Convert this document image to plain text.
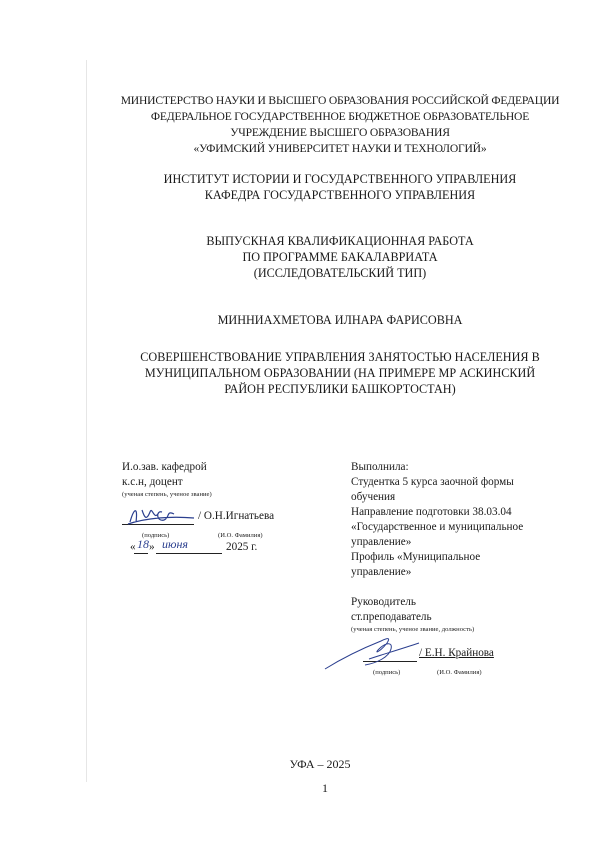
МИНИСТЕРСТВО НАУКИ И ВЫСШЕГО ОБРАЗОВАНИЯ РОССИЙСКОЙ ФЕДЕРАЦИИ
ФЕДЕРАЛЬНОЕ ГОСУДАРСТВЕННОЕ БЮДЖЕТНОЕ ОБРАЗОВАТЕЛЬНОЕ
УЧРЕЖДЕНИЕ ВЫСШЕГО ОБРАЗОВАНИЯ
«УФИМСКИЙ УНИВЕРСИТЕТ НАУКИ И ТЕХНОЛОГИЙ»
ИНСТИТУТ ИСТОРИИ И ГОСУДАРСТВЕННОГО УПРАВЛЕНИЯ
КАФЕДРА ГОСУДАРСТВЕННОГО УПРАВЛЕНИЯ
ВЫПУСКНАЯ КВАЛИФИКАЦИОННАЯ РАБОТА
ПО ПРОГРАММЕ БАКАЛАВРИАТА
(ИССЛЕДОВАТЕЛЬСКИЙ ТИП)
МИННИАХМЕТОВА ИЛНАРА ФАРИСОВНА
СОВЕРШЕНСТВОВАНИЕ УПРАВЛЕНИЯ ЗАНЯТОСТЬЮ НАСЕЛЕНИЯ В
МУНИЦИПАЛЬНОМ ОБРАЗОВАНИИ (НА ПРИМЕРЕ МР АСКИНСКИЙ
РАЙОН РЕСПУБЛИКИ БАШКОРТОСТАН)
И.о.зав. кафедрой
к.с.н, доцент
(ученая степень, ученое звание)
/ О.Н.Игнатьева
(подпись)	(И.О. Фамилия)
« 18 » июня	2025 г.
Выполнила:
Студентка 5 курса заочной формы
обучения
Направление подготовки 38.03.04
«Государственное и муниципальное
управление»
Профиль «Муниципальное
управление»
Руководитель
ст.преподаватель
(ученая степень, ученое звание, должность)
/ Е.Н. Крайнова
(подпись)	(И.О. Фамилия)
УФА – 2025
1
